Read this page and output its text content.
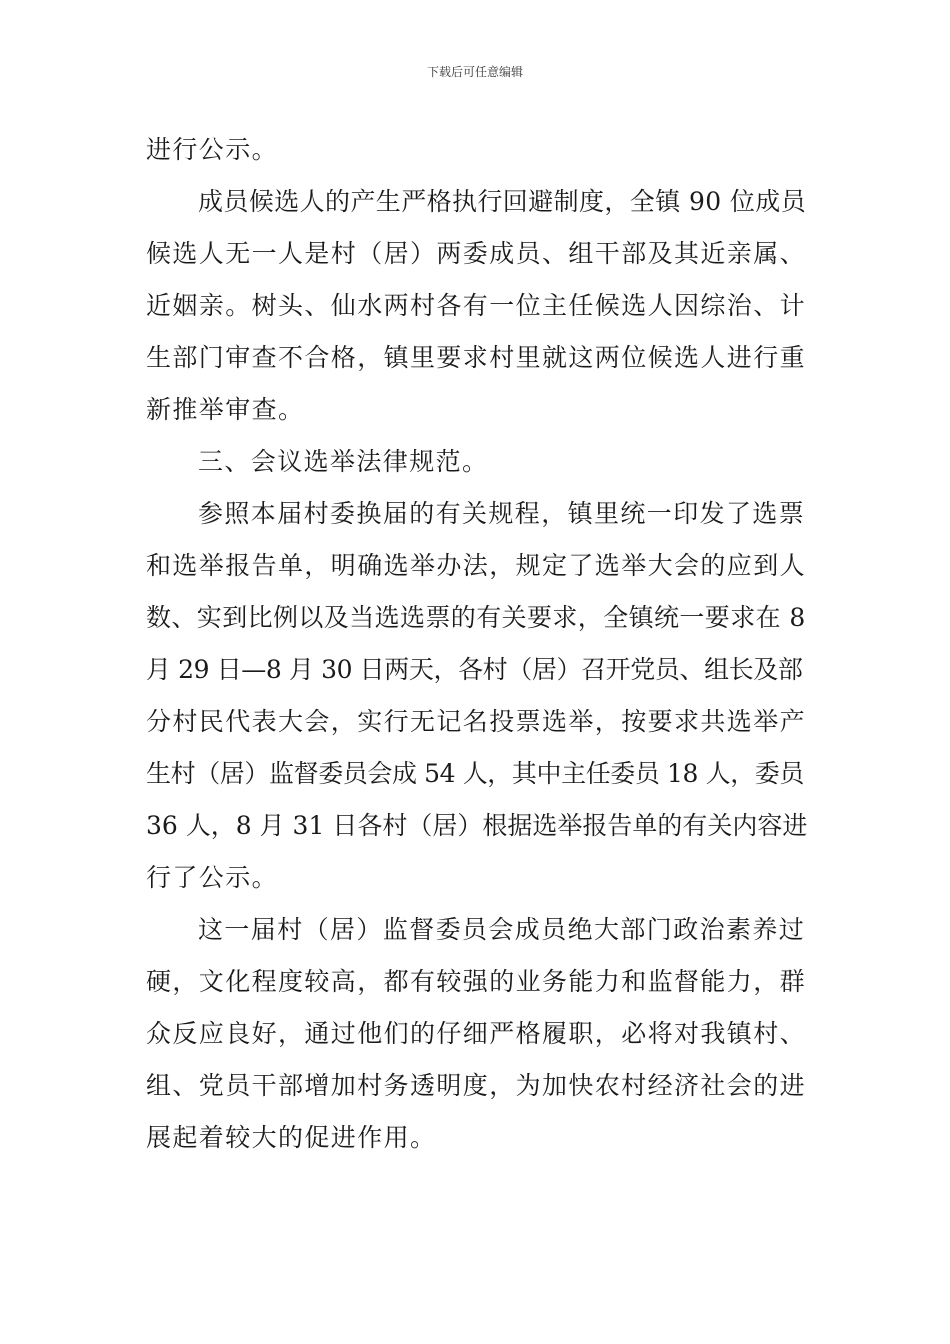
下载后可任意编辑
进行公示。
成员候选人的产生严格执行回避制度，全镇 90 位成员
候选人无一人是村（居）两委成员、组干部及其近亲属、
近姻亲。树头、仙水两村各有一位主任候选人因综治、计
生部门审查不合格，镇里要求村里就这两位候选人进行重
新推举审查。
三、会议选举法律规范。
参照本届村委换届的有关规程，镇里统一印发了选票
和选举报告单，明确选举办法，规定了选举大会的应到人
数、实到比例以及当选选票的有关要求，全镇统一要求在 8
月 29 日—8 月 30 日两天，各村（居）召开党员、组长及部
分村民代表大会，实行无记名投票选举，按要求共选举产
生村（居）监督委员会成 54 人，其中主任委员 18 人，委员
36 人，8 月 31 日各村（居）根据选举报告单的有关内容进
行了公示。
这一届村（居）监督委员会成员绝大部门政治素养过
硬，文化程度较高，都有较强的业务能力和监督能力，群
众反应良好，通过他们的仔细严格履职，必将对我镇村、
组、党员干部增加村务透明度，为加快农村经济社会的进
展起着较大的促进作用。
